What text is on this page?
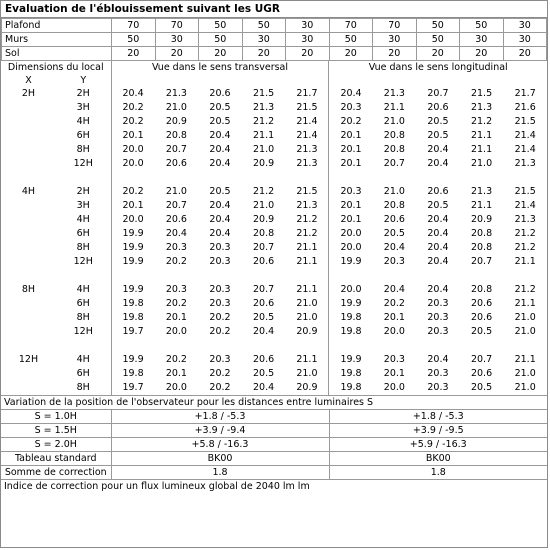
Evaluation de l'éblouissement suivant les UGR
Plafond	70	70	50	50	30	70	70	50	50	30
Murs	50	30	50	30	30	50	30	50	30	30
Sol	20	20	20	20	20	20	20	20	20	20
Dimensions du local		Vue dans le sens transversal					Vue dans le sens longitudinal				
X	Y										
2H	2H	20.4	21.3	20.6	21.5	21.7	20.4	21.3	20.7	21.5	21.7
	3H	20.2	21.0	20.5	21.3	21.5	20.3	21.1	20.6	21.3	21.6
	4H	20.2	20.9	20.5	21.2	21.4	20.2	21.0	20.5	21.2	21.5
	6H	20.1	20.8	20.4	21.1	21.4	20.1	20.8	20.5	21.1	21.4
	8H	20.0	20.7	20.4	21.0	21.3	20.1	20.8	20.4	21.1	21.4
	12H	20.0	20.6	20.4	20.9	21.3	20.1	20.7	20.4	21.0	21.3

4H	2H	20.2	21.0	20.5	21.2	21.5	20.3	21.0	20.6	21.3	21.5
	3H	20.1	20.7	20.4	21.0	21.3	20.1	20.8	20.5	21.1	21.4
	4H	20.0	20.6	20.4	20.9	21.2	20.1	20.6	20.4	20.9	21.3
	6H	19.9	20.4	20.4	20.8	21.2	20.0	20.5	20.4	20.8	21.2
	8H	19.9	20.3	20.3	20.7	21.1	20.0	20.4	20.4	20.8	21.2
	12H	19.9	20.2	20.3	20.6	21.1	19.9	20.3	20.4	20.7	21.1

8H	4H	19.9	20.3	20.3	20.7	21.1	20.0	20.4	20.4	20.8	21.2
	6H	19.8	20.2	20.3	20.6	21.0	19.9	20.2	20.3	20.6	21.1
	8H	19.8	20.1	20.2	20.5	21.0	19.8	20.1	20.3	20.6	21.0
	12H	19.7	20.0	20.2	20.4	20.9	19.8	20.0	20.3	20.5	21.0

12H	4H	19.9	20.2	20.3	20.6	21.1	19.9	20.3	20.4	20.7	21.1
	6H	19.8	20.1	20.2	20.5	21.0	19.8	20.1	20.3	20.6	21.0
	8H	19.7	20.0	20.2	20.4	20.9	19.8	20.0	20.3	20.5	21.0
Variation de la position de l'observateur pour les distances entre luminaires S
S = 1.0H	+1.8 / -5.3	+1.8 / -5.3
S = 1.5H	+3.9 / -9.4	+3.9 / -9.5
S = 2.0H	+5.8 / -16.3	+5.9 / -16.3
Tableau standard	BK00	BK00
Somme de correction	1.8	1.8
Indice de correction pour un flux lumineux global de 2040 lm lm
